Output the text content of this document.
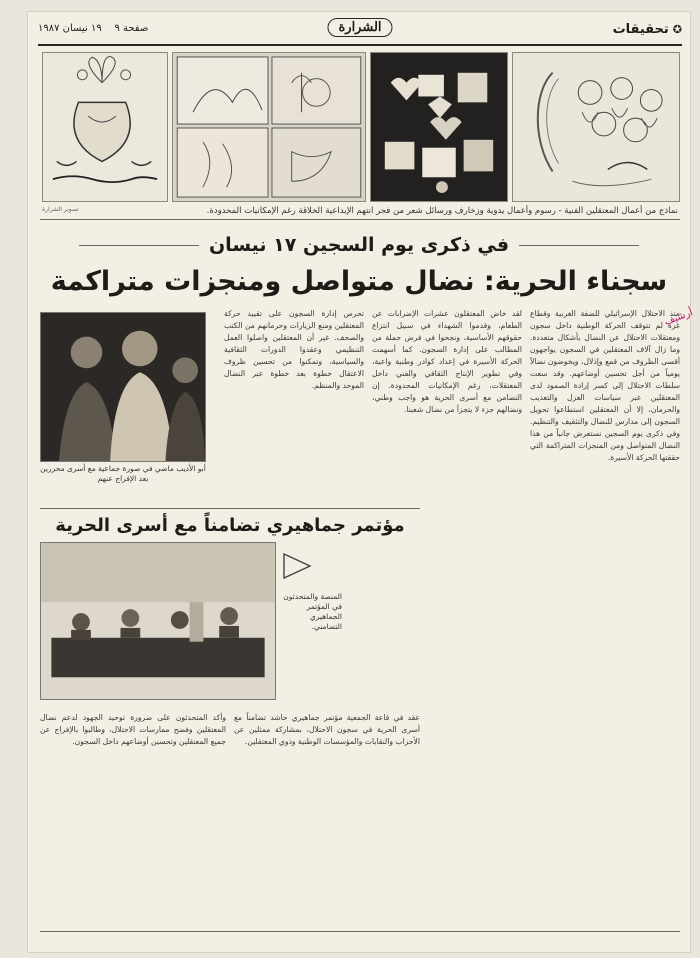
✪تحقيقات
الشرارة
صفحة ٩    ١٩ نيسان ١٩٨٧
نماذج من أعمال المعتقلين الفنية - رسوم وأعمال يدوية وزخارف ورسائل شعر من فجر انتهم الإبداعية الخلاقة رغم الإمكانيات المحدودة.
تصوير الشرارة
في ذكرى يوم السجين ١٧ نيسان
سجناء الحرية: نضال متواصل ومنجزات متراكمة

منذ الاحتلال الإسرائيلي للضفة الغربية وقطاع غزة لم تتوقف الحركة الوطنية داخل سجون ومعتقلات الاحتلال عن النضال بأشكال متعددة. وما زال آلاف المعتقلين في السجون يواجهون أقسى الظروف من قمع وإذلال، ويخوضون نضالاً يومياً من أجل تحسين أوضاعهم. وقد سعت سلطات الاحتلال إلى كسر إرادة الصمود لدى المعتقلين عبر سياسات العزل والتعذيب والحرمان، إلا أن المعتقلين استطاعوا تحويل السجون إلى مدارس للنضال والتثقيف والتنظيم. وفي ذكرى يوم السجين نستعرض جانباً من هذا النضال المتواصل ومن المنجزات المتراكمة التي حققتها الحركة الأسيرة.

لقد خاض المعتقلون عشرات الإضرابات عن الطعام، وقدموا الشهداء في سبيل انتزاع حقوقهم الأساسية، ونجحوا في فرض جملة من المطالب على إدارة السجون. كما أسهمت الحركة الأسيرة في إعداد كوادر وطنية واعية، وفي تطوير الإنتاج الثقافي والفني داخل المعتقلات، رغم الإمكانيات المحدودة. إن التضامن مع أسرى الحرية هو واجب وطني، ونضالهم جزء لا يتجزأ من نضال شعبنا.

تحرص إدارة السجون على تقييد حركة المعتقلين ومنع الزيارات وحرمانهم من الكتب والصحف. غير أن المعتقلين واصلوا العمل التنظيمي وعقدوا الدورات الثقافية والسياسية، وتمكنوا من تحسين ظروف الاعتقال خطوة بعد خطوة عبر النضال الموحد والمنظم.

أبو الأديب ماضي في صورة جماعية مع أسرى محررين بعد الإفراج عنهم
مؤتمر جماهيري تضامناً مع أسرى الحرية
المنصة والمتحدثون في المؤتمر الجماهيري التضامني.

عقد في قاعة الجمعية مؤتمر جماهيري حاشد تضامناً مع أسرى الحرية في سجون الاحتلال، بمشاركة ممثلين عن الأحزاب والنقابات والمؤسسات الوطنية وذوي المعتقلين.

وأكد المتحدثون على ضرورة توحيد الجهود لدعم نضال المعتقلين وفضح ممارسات الاحتلال، وطالبوا بالإفراج عن جميع المعتقلين وتحسين أوضاعهم داخل السجون.

أرشيف
